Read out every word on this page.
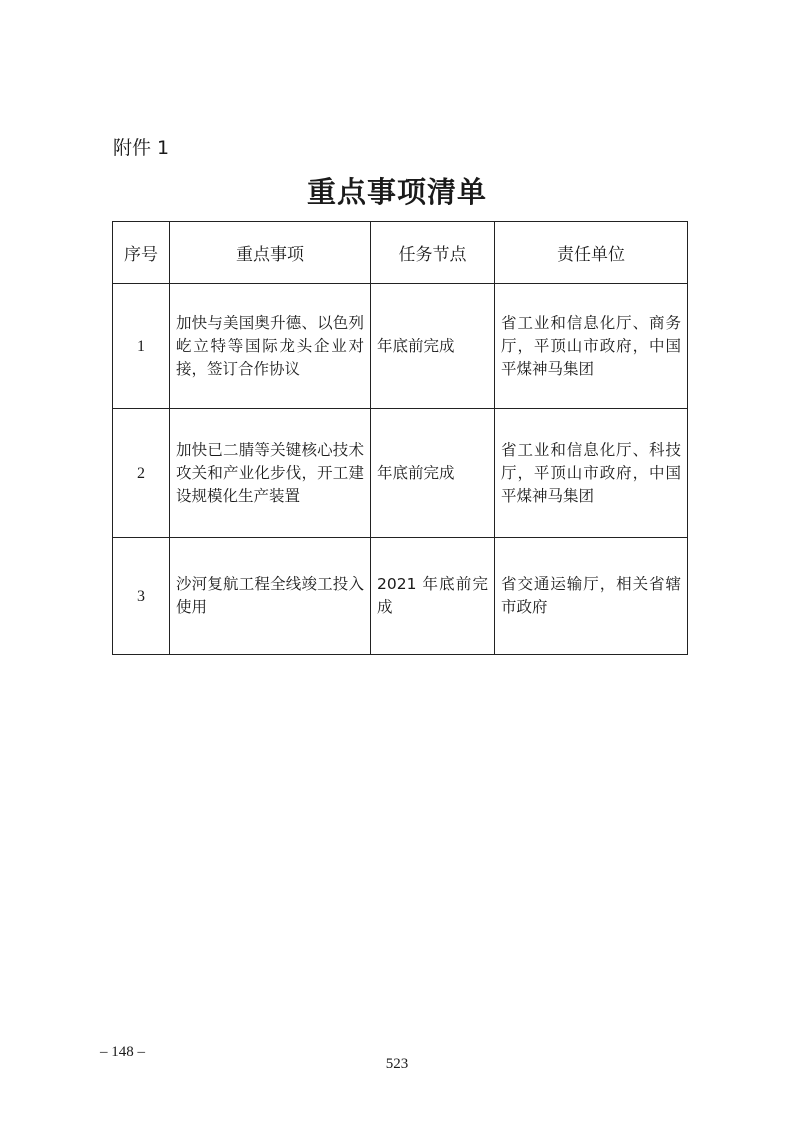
附件 1
重点事项清单
序号	重点事项	任务节点	责任单位
1	加快与美国奥升德、以色列屹立特等国际龙头企业对接，签订合作协议	年底前完成	省工业和信息化厅、商务厅，平顶山市政府，中国平煤神马集团
2	加快已二腈等关键核心技术攻关和产业化步伐，开工建设规模化生产装置	年底前完成	省工业和信息化厅、科技厅，平顶山市政府，中国平煤神马集团
3	沙河复航工程全线竣工投入使用	2021 年底前完成	省交通运输厅，相关省辖市政府
– 148 –
523
